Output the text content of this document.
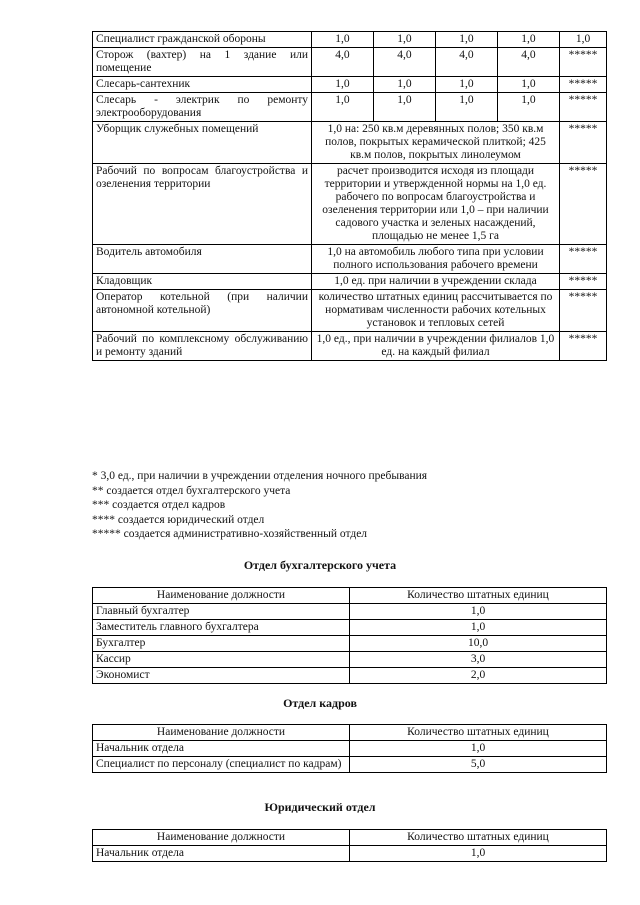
Специалист гражданской обороны	1,0	1,0	1,0	1,0	1,0
Сторож (вахтер) на 1 здание или помещение	4,0	4,0	4,0	4,0	*****
Слесарь-сантехник	1,0	1,0	1,0	1,0	*****
Слесарь - электрик по ремонту электрооборудования	1,0	1,0	1,0	1,0	*****
Уборщик служебных помещений	1,0 на: 250 кв.м деревянных полов; 350 кв.м полов, покрытых керамической плиткой; 425 кв.м полов, покрытых линолеумом				*****
Рабочий по вопросам благоустройства и озеленения территории	расчет производится исходя из площади территории и утвержденной нормы на 1,0 ед. рабочего по вопросам благоустройства и озеленения территории или 1,0 – при наличии садового участка и зеленых насаждений, площадью не менее 1,5 га				*****
Водитель автомобиля	1,0 на автомобиль любого типа при условии полного использования рабочего времени				*****
Кладовщик	1,0 ед. при наличии в учреждении склада				*****
Оператор котельной (при наличии автономной котельной)	количество штатных единиц рассчитывается по нормативам численности рабочих котельных установок и тепловых сетей				*****
Рабочий по комплексному обслуживанию и ремонту зданий	1,0 ед., при наличии в учреждении филиалов 1,0 ед. на каждый филиал				*****
* 3,0 ед., при наличии в учреждении отделения ночного пребывания
** создается отдел бухгалтерского учета
*** создается отдел кадров
**** создается юридический отдел
***** создается административно-хозяйственный отдел
Отдел бухгалтерского учета
Наименование должности	Количество штатных единиц
Главный бухгалтер	1,0
Заместитель главного бухгалтера	1,0
Бухгалтер	10,0
Кассир	3,0
Экономист	2,0
Отдел кадров
Наименование должности	Количество штатных единиц
Начальник отдела	1,0
Специалист по персоналу (специалист по кадрам)	5,0
Юридический отдел
Наименование должности	Количество штатных единиц
Начальник отдела	1,0
